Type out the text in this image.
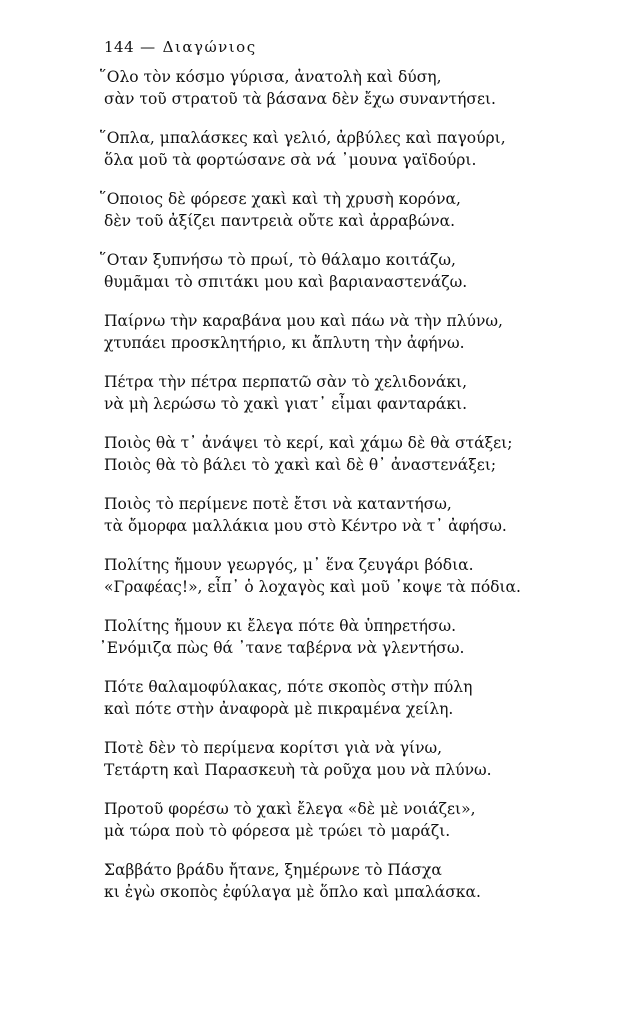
144 — Διαγώνιος
῞Ολο τὸν κόσμο γύρισα, ἀνατολὴ καὶ δύση,
σὰν τοῦ στρατοῦ τὰ βάσανα δὲν ἔχω συναντήσει.
῞Οπλα, μπαλάσκες καὶ γελιό, ἀρβύλες καὶ παγούρι,
ὅλα μοῦ τὰ φορτώσανε σὰ νά ᾽μουνα γαϊδούρι.
῞Οποιος δὲ φόρεσε χακὶ καὶ τὴ χρυσὴ κορόνα,
δὲν τοῦ ἀξίζει παντρειὰ οὔτε καὶ ἀρραβώνα.
῞Οταν ξυπνήσω τὸ πρωί, τὸ θάλαμο κοιτάζω,
θυμᾶμαι τὸ σπιτάκι μου καὶ βαριαναστενάζω.
Παίρνω τὴν καραβάνα μου καὶ πάω νὰ τὴν πλύνω,
χτυπάει προσκλητήριο, κι ἄπλυτη τὴν ἀφήνω.
Πέτρα τὴν πέτρα περπατῶ σὰν τὸ χελιδονάκι,
νὰ μὴ λερώσω τὸ χακὶ γιατ᾽ εἶμαι φανταράκι.
Ποιὸς θὰ τ᾽ ἀνάψει τὸ κερί, καὶ χάμω δὲ θὰ στάξει;
Ποιὸς θὰ τὸ βάλει τὸ χακὶ καὶ δὲ θ᾽ ἀναστενάξει;
Ποιὸς τὸ περίμενε ποτὲ ἔτσι νὰ καταντήσω,
τὰ ὄμορφα μαλλάκια μου στὸ Κέντρο νὰ τ᾽ ἀφήσω.
Πολίτης ἤμουν γεωργός, μ᾽ ἕνα ζευγάρι βόδια.
«Γραφέας!», εἶπ᾽ ὁ λοχαγὸς καὶ μοῦ ᾽κοψε τὰ πόδια.
Πολίτης ἤμουν κι ἔλεγα πότε θὰ ὑπηρετήσω.
᾽Ενόμιζα πὼς θά ᾽τανε ταβέρνα νὰ γλεντήσω.
Πότε θαλαμοφύλακας, πότε σκοπὸς στὴν πύλη
καὶ πότε στὴν ἀναφορὰ μὲ πικραμένα χείλη.
Ποτὲ δὲν τὸ περίμενα κορίτσι γιὰ νὰ γίνω,
Τετάρτη καὶ Παρασκευὴ τὰ ροῦχα μου νὰ πλύνω.
Προτοῦ φορέσω τὸ χακὶ ἔλεγα «δὲ μὲ νοιάζει»,
μὰ τώρα ποὺ τὸ φόρεσα μὲ τρώει τὸ μαράζι.
Σαββάτο βράδυ ἤτανε, ξημέρωνε τὸ Πάσχα
κι ἐγὼ σκοπὸς ἐφύλαγα μὲ ὅπλο καὶ μπαλάσκα.
